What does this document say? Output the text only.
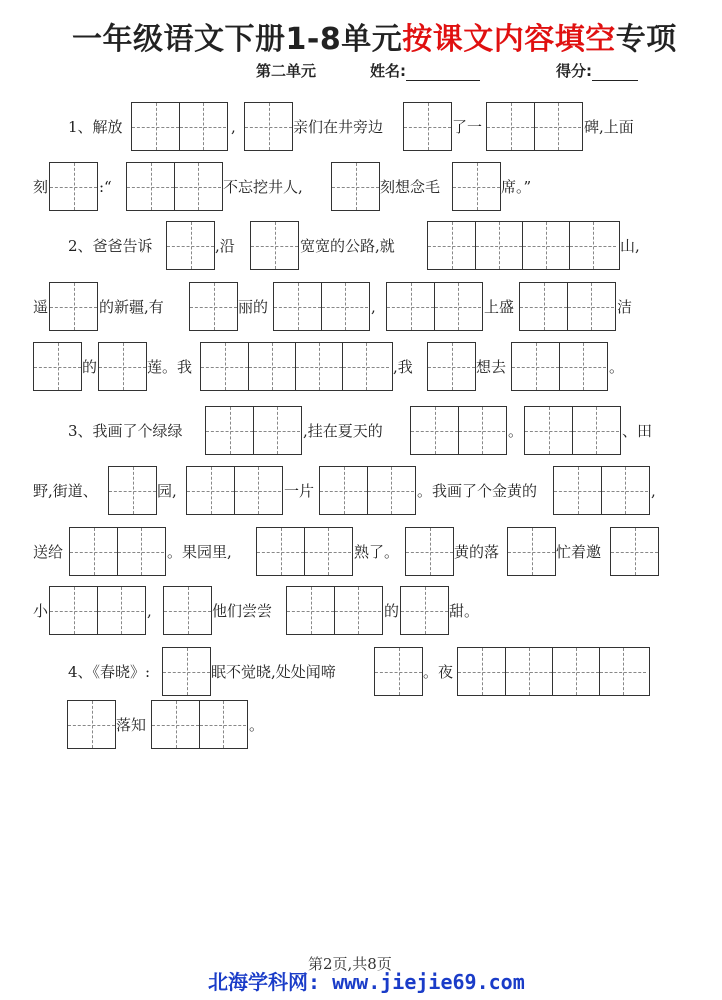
一年级语文下册1-8单元按课文内容填空专项
第二单元	姓名:	得分:
1、解放	,	亲们在井旁边	了一	碑,上面
刻	:“	不忘挖井人,	刻想念毛	席。”
2、爸爸告诉	,沿	宽宽的公路,就	山,
遥	的新疆,有	丽的	,	上盛	洁
的	莲。我	,我	想去	。
3、我画了个绿绿	,挂在夏天的	。	、田
野,街道、	园,	一片	。我画了个金黄的	,
送给	。果园里,	熟了。	黄的落	忙着邀
小	,	他们尝尝	的	甜。
4、《春晓》:	眠不觉晓,处处闻啼	。夜
落知	。
第2页,共8页
北海学科网: www.jiejie69.com
